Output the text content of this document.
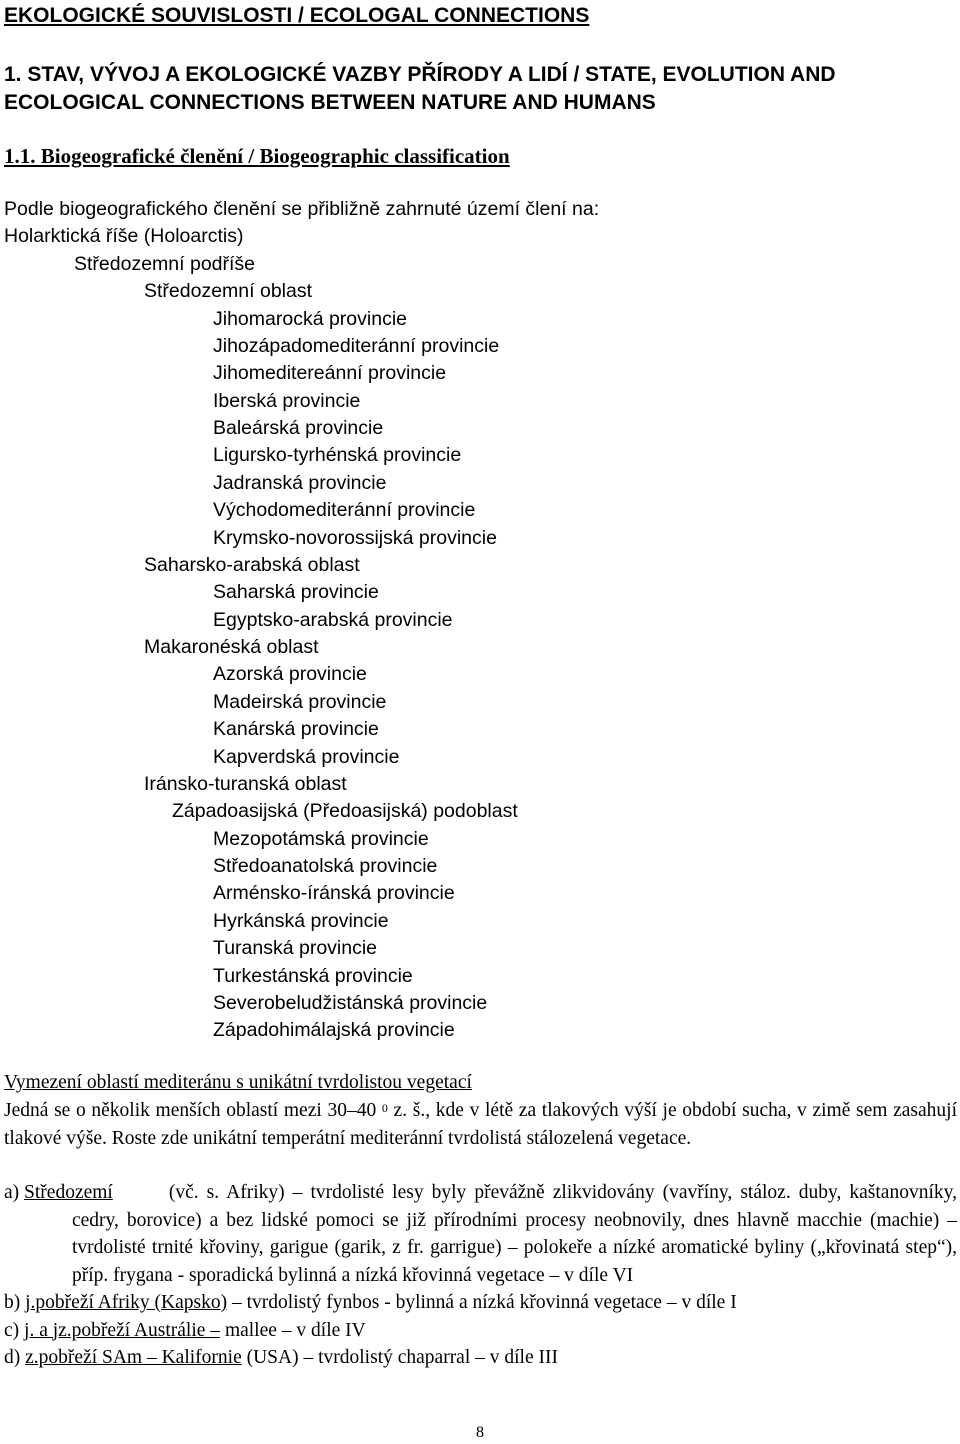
EKOLOGICKÉ SOUVISLOSTI / ECOLOGAL CONNECTIONS
1. STAV, VÝVOJ A EKOLOGICKÉ VAZBY PŘÍRODY A LIDÍ / STATE, EVOLUTION AND ECOLOGICAL CONNECTIONS BETWEEN NATURE AND HUMANS
1.1. Biogeografické členění / Biogeographic classification
Podle biogeografického členění se přibližně zahrnuté území člení na:
Holarktická říše (Holoarctis)
Středozemní podříše
Středozemní oblast
Jihomarocká provincie
Jihozápadomediteránní provincie
Jihomeditereánní provincie
Iberská provincie
Baleárská provincie
Ligursko-tyrhénská provincie
Jadranská provincie
Východomediteránní provincie
Krymsko-novorossijská provincie
Saharsko-arabská oblast
Saharská provincie
Egyptsko-arabská provincie
Makaronéská oblast
Azorská provincie
Madeirská provincie
Kanárská provincie
Kapverdská provincie
Iránsko-turanská oblast
Západoasijská (Předoasijská) podoblast
Mezopotámská provincie
Středoanatolská provincie
Arménsko-íránská provincie
Hyrkánská provincie
Turanská provincie
Turkestánská provincie
Severobeludžistánská provincie
Západohimálajská provincie
Vymezení oblastí mediteránu s unikátní tvrdolistou vegetací
Jedná se o několik menších oblastí mezi 30–40 $^0$ z. š., kde v létě za tlakových výší je období sucha, v zimě sem zasahují tlakové výše. Roste zde unikátní temperátní mediteránní tvrdolistá stálozelená vegetace.
a) Středozemí (vč. s. Afriky) – tvrdolisté lesy byly převážně zlikvidovány (vavříny, stáloz. duby, kaštanovníky, cedry, borovice) a bez lidské pomoci se již přírodními procesy neobnovily, dnes hlavně macchie (machie) – tvrdolisté trnité křoviny, garigue (garik, z fr. garrigue) – polokeře a nízké aromatické byliny („křovinatá step“), příp. frygana - sporadická bylinná a nízká křovinná vegetace – v díle VI
b) j.pobřeží Afriky (Kapsko) – tvrdolistý fynbos - bylinná a nízká křovinná vegetace – v díle I
c) j. a jz.pobřeží Austrálie – mallee – v díle IV
d) z.pobřeží SAm – Kalifornie (USA) – tvrdolistý chaparral – v díle III
8
